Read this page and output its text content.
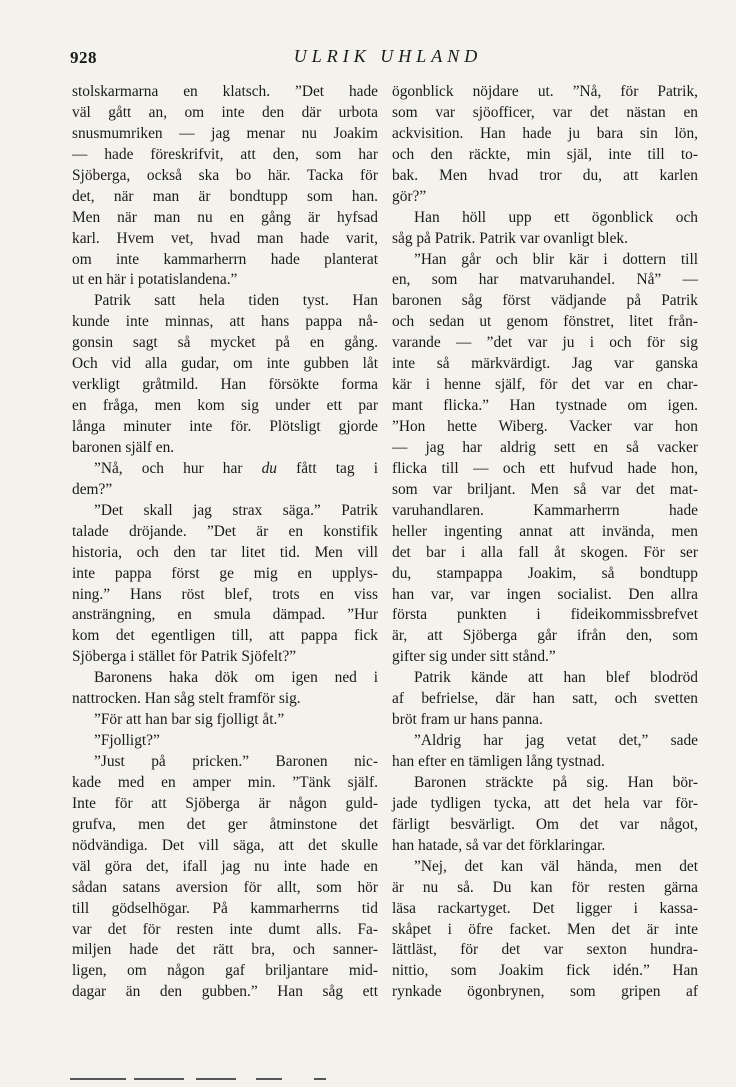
928	ULRIK UHLAND
stolskarmarna en klatsch. ”Det hade
väl gått an, om inte den där urbota
snusmumriken — jag menar nu Joakim
— hade föreskrifvit, att den, som har
Sjöberga, också ska bo här. Tacka för
det, när man är bondtupp som han.
Men när man nu en gång är hyfsad
karl. Hvem vet, hvad man hade varit,
om inte kammarherrn hade planterat
ut en här i potatislandena.”
Patrik satt hela tiden tyst. Han
kunde inte minnas, att hans pappa nå-
gonsin sagt så mycket på en gång.
Och vid alla gudar, om inte gubben låt
verkligt gråtmild. Han försökte forma
en fråga, men kom sig under ett par
långa minuter inte för. Plötsligt gjorde
baronen själf en.
”Nå, och hur har du fått tag i
dem?”
”Det skall jag strax säga.” Patrik
talade dröjande. ”Det är en konstifik
historia, och den tar litet tid. Men vill
inte pappa först ge mig en upplys-
ning.” Hans röst blef, trots en viss
ansträngning, en smula dämpad. ”Hur
kom det egentligen till, att pappa fick
Sjöberga i stället för Patrik Sjöfelt?”
Baronens haka dök om igen ned i
nattrocken. Han såg stelt framför sig.
”För att han bar sig fjolligt åt.”
”Fjolligt?”
”Just på pricken.” Baronen nic-
kade med en amper min. ”Tänk själf.
Inte för att Sjöberga är någon guld-
grufva, men det ger åtminstone det
nödvändiga. Det vill säga, att det skulle
väl göra det, ifall jag nu inte hade en
sådan satans aversion för allt, som hör
till gödselhögar. På kammarherrns tid
var det för resten inte dumt alls. Fa-
miljen hade det rätt bra, och sanner-
ligen, om någon gaf briljantare mid-
dagar än den gubben.” Han såg ett
ögonblick nöjdare ut. ”Nå, för Patrik,
som var sjöofficer, var det nästan en
ackvisition. Han hade ju bara sin lön,
och den räckte, min själ, inte till to-
bak. Men hvad tror du, att karlen
gör?”
Han höll upp ett ögonblick och
såg på Patrik. Patrik var ovanligt blek.
”Han går och blir kär i dottern till
en, som har matvaruhandel. Nå” —
baronen såg först vädjande på Patrik
och sedan ut genom fönstret, litet från-
varande — ”det var ju i och för sig
inte så märkvärdigt. Jag var ganska
kär i henne själf, för det var en char-
mant flicka.” Han tystnade om igen.
”Hon hette Wiberg. Vacker var hon
— jag har aldrig sett en så vacker
flicka till — och ett hufvud hade hon,
som var briljant. Men så var det mat-
varuhandlaren. Kammarherrn hade
heller ingenting annat att invända, men
det bar i alla fall åt skogen. För ser
du, stampappa Joakim, så bondtupp
han var, var ingen socialist. Den allra
första punkten i fideikommissbrefvet
är, att Sjöberga går ifrån den, som
gifter sig under sitt stånd.”
Patrik kände att han blef blodröd
af befrielse, där han satt, och svetten
bröt fram ur hans panna.
”Aldrig har jag vetat det,” sade
han efter en tämligen lång tystnad.
Baronen sträckte på sig. Han bör-
jade tydligen tycka, att det hela var för-
färligt besvärligt. Om det var något,
han hatade, så var det förklaringar.
”Nej, det kan väl hända, men det
är nu så. Du kan för resten gärna
läsa rackartyget. Det ligger i kassa-
skåpet i öfre facket. Men det är inte
lättläst, för det var sexton hundra-
nittio, som Joakim fick idén.” Han
rynkade ögonbrynen, som gripen af
